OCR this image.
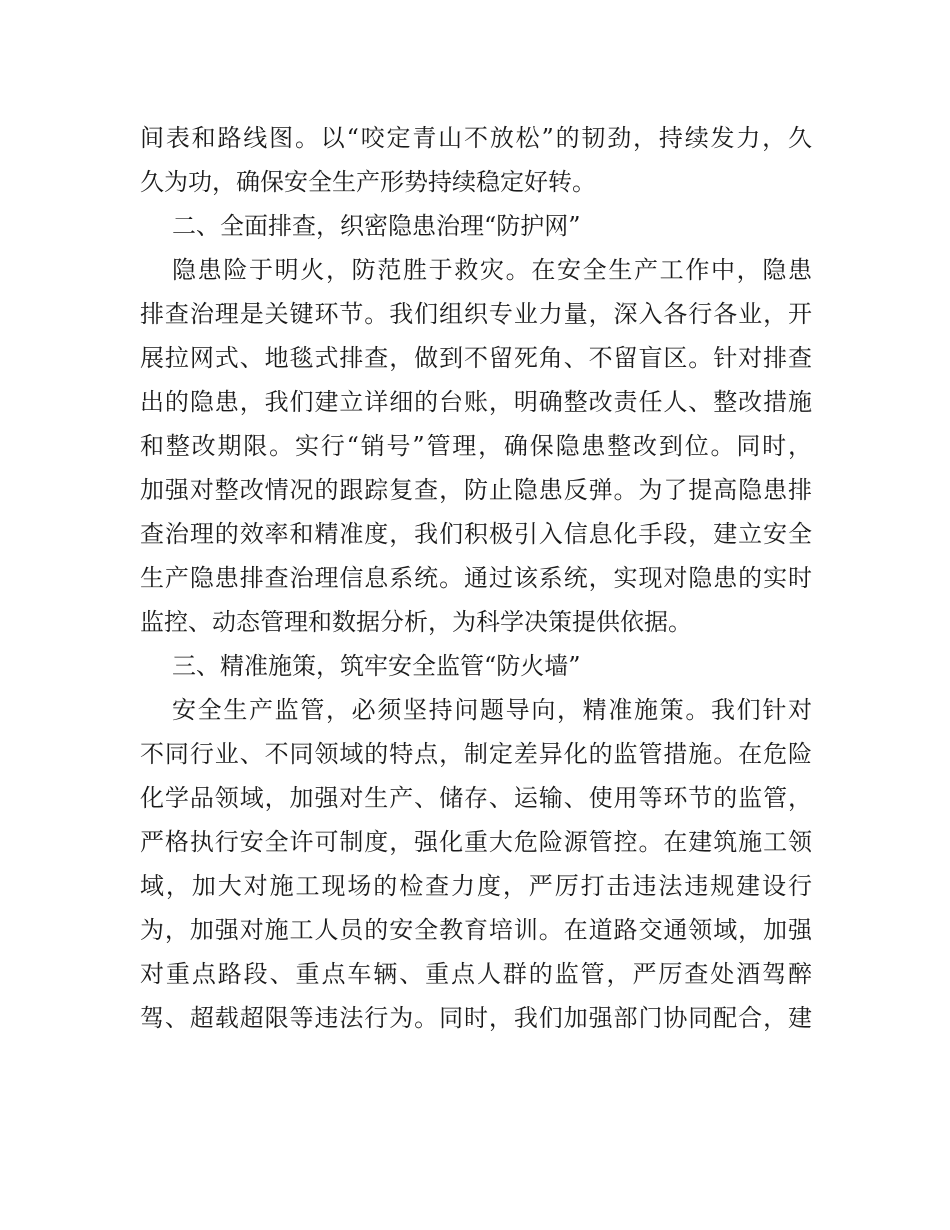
间表和路线图。以“咬定青山不放松”的韧劲，持续发力，久
久为功，确保安全生产形势持续稳定好转。
二、全面排查，织密隐患治理“防护网”
隐患险于明火，防范胜于救灾。在安全生产工作中，隐患
排查治理是关键环节。我们组织专业力量，深入各行各业，开
展拉网式、地毯式排查，做到不留死角、不留盲区。针对排查
出的隐患，我们建立详细的台账，明确整改责任人、整改措施
和整改期限。实行“销号”管理，确保隐患整改到位。同时，
加强对整改情况的跟踪复查，防止隐患反弹。为了提高隐患排
查治理的效率和精准度，我们积极引入信息化手段，建立安全
生产隐患排查治理信息系统。通过该系统，实现对隐患的实时
监控、动态管理和数据分析，为科学决策提供依据。
三、精准施策，筑牢安全监管“防火墙”
安全生产监管，必须坚持问题导向，精准施策。我们针对
不同行业、不同领域的特点，制定差异化的监管措施。在危险
化学品领域，加强对生产、储存、运输、使用等环节的监管，
严格执行安全许可制度，强化重大危险源管控。在建筑施工领
域，加大对施工现场的检查力度，严厉打击违法违规建设行
为，加强对施工人员的安全教育培训。在道路交通领域，加强
对重点路段、重点车辆、重点人群的监管，严厉查处酒驾醉
驾、超载超限等违法行为。同时，我们加强部门协同配合，建
